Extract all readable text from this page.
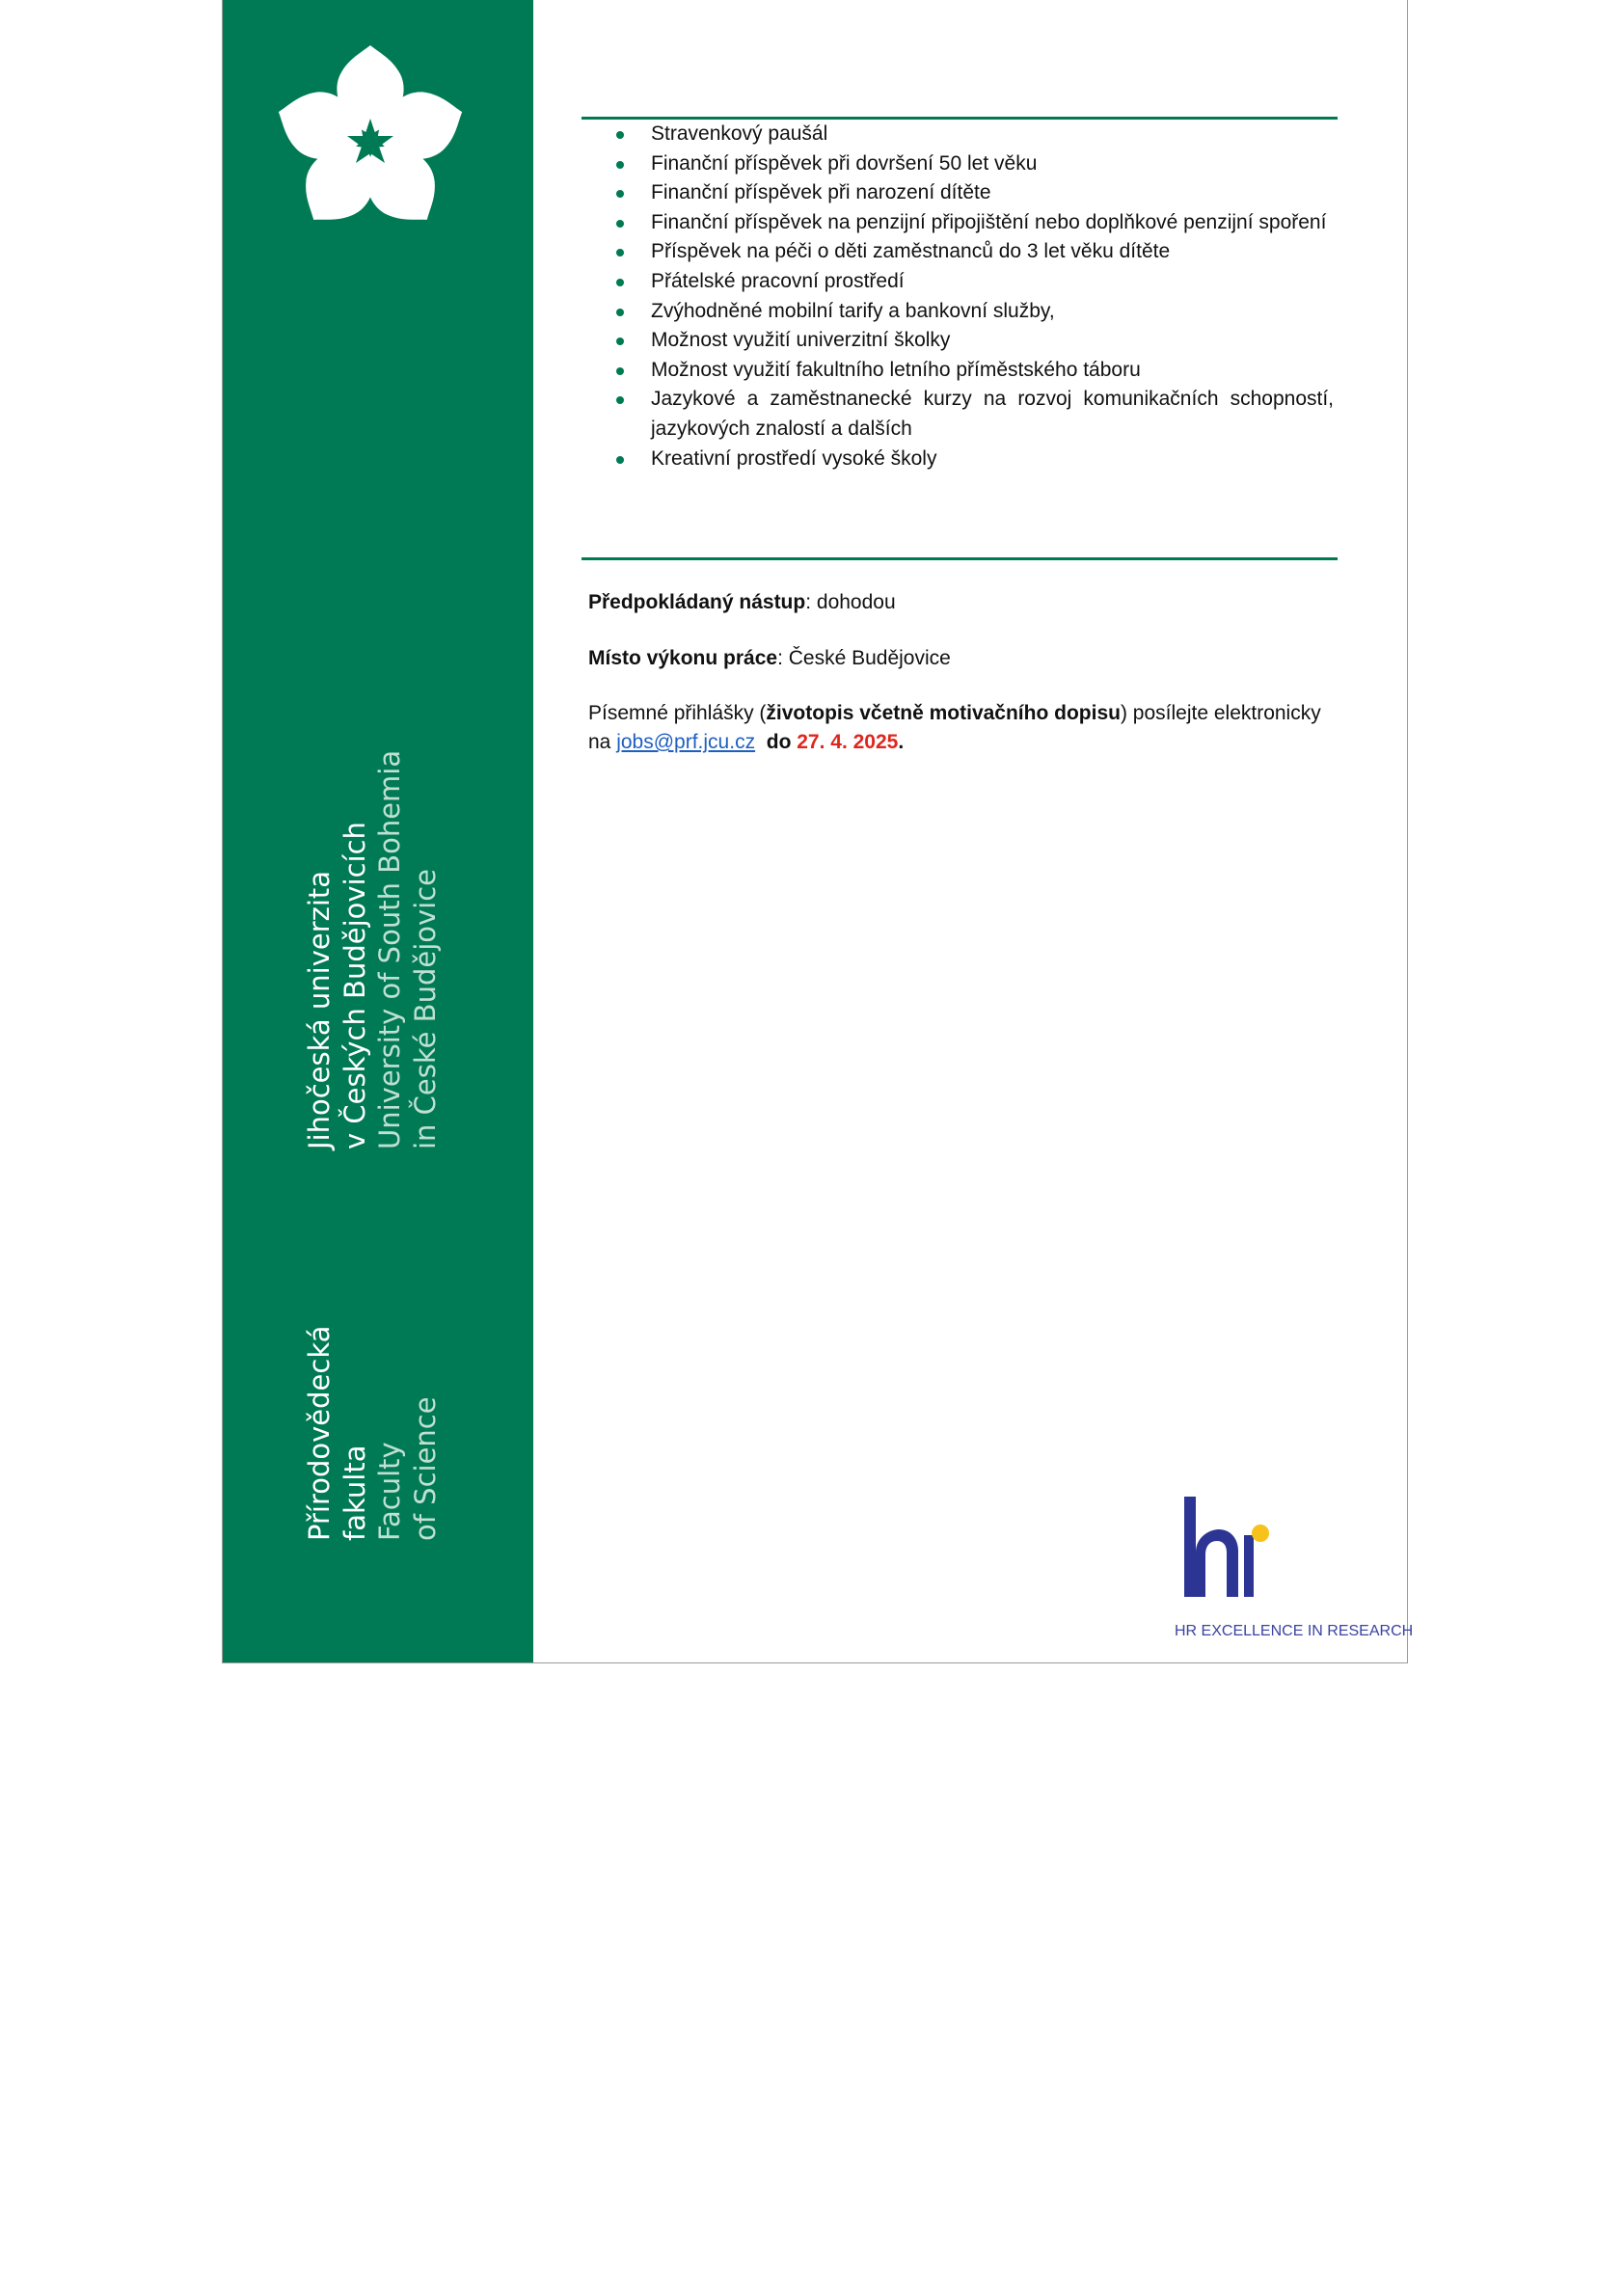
Přírodovědecká fakulta Faculty of Science
Jihočeská univerzita v Českých Budějovicích University of South Bohemia in České Budějovice
Stravenkový paušál
Finanční příspěvek při dovršení 50 let věku
Finanční příspěvek při narození dítěte
Finanční příspěvek na penzijní připojištění nebo doplňkové penzijní spoření
Příspěvek na péči o děti zaměstnanců do 3 let věku dítěte
Přátelské pracovní prostředí
Zvýhodněné mobilní tarify a bankovní služby,
Možnost využití univerzitní školky
Možnost využití fakultního letního příměstského táboru
Jazykové a zaměstnanecké kurzy na rozvoj komunikačních schopností, jazykových znalostí a dalších
Kreativní prostředí vysoké školy
Předpokládaný nástup: dohodou
Místo výkonu práce: České Budějovice
Písemné přihlášky (životopis včetně motivačního dopisu) posílejte elektronicky
na jobs@prf.jcu.cz do 27. 4. 2025.
HR EXCELLENCE IN RESEARCH
